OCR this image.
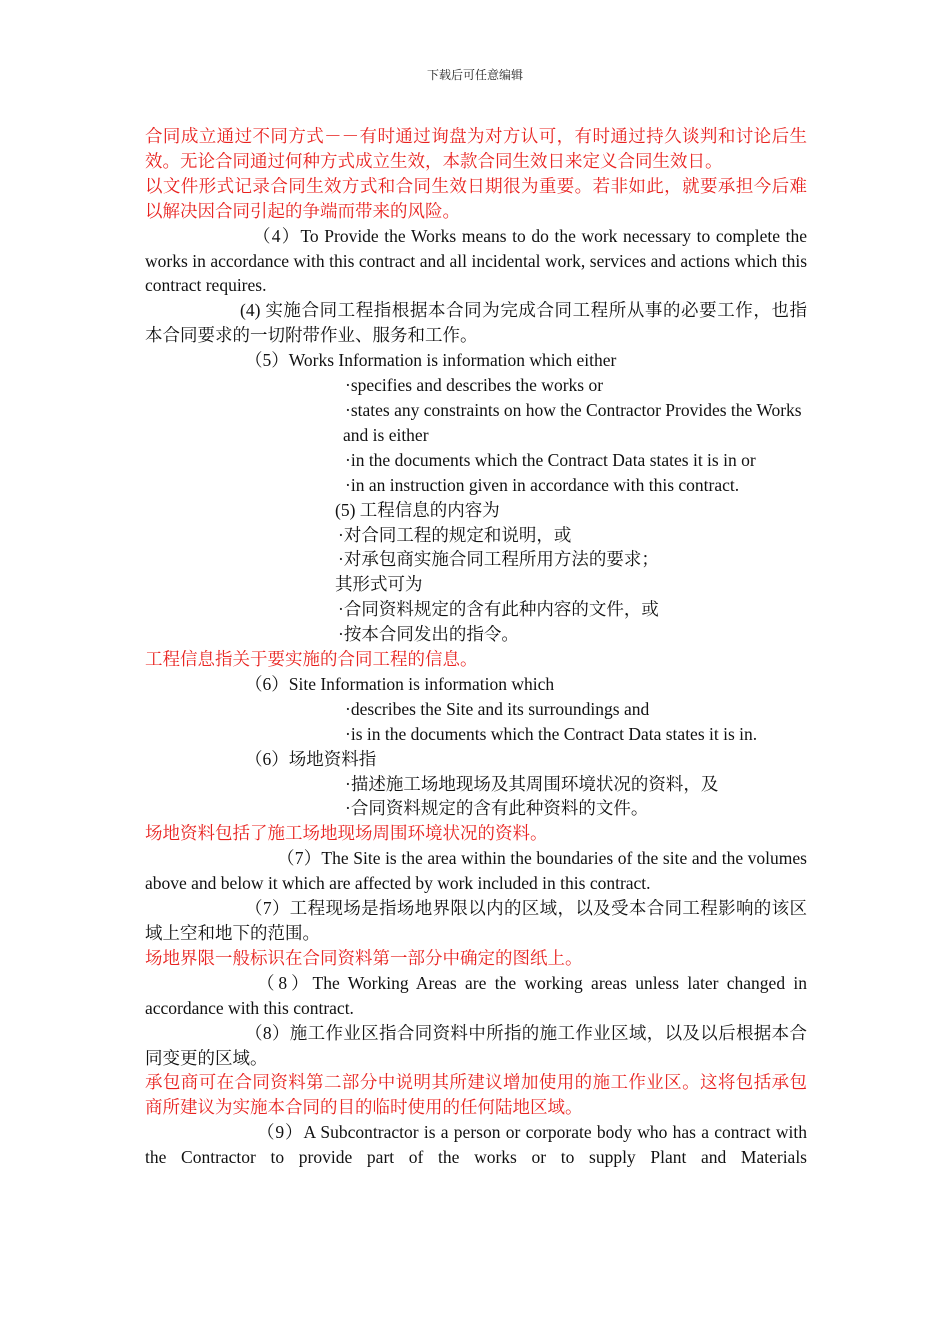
下载后可任意编辑

合同成立通过不同方式－－有时通过询盘为对方认可，有时通过持久谈判和讨论后生效。无论合同通过何种方式成立生效，本款合同生效日来定义合同生效日。

以文件形式记录合同生效方式和合同生效日期很为重要。若非如此，就要承担今后难以解决因合同引起的争端而带来的风险。

（4）To Provide the Works means to do the work necessary to complete the works in accordance with this contract and all incidental work, services and actions which this contract requires.

(4) 实施合同工程指根据本合同为完成合同工程所从事的必要工作，也指本合同要求的一切附带作业、服务和工作。

（5）Works Information is information which either

·specifies and describes the works or

·states any constraints on how the Contractor Provides the Works

and is either

·in the documents which the Contract Data states it is in or

·in an instruction given in accordance with this contract.

(5) 工程信息的内容为

·对合同工程的规定和说明，或

·对承包商实施合同工程所用方法的要求；

其形式可为

·合同资料规定的含有此种内容的文件，或

·按本合同发出的指令。

工程信息指关于要实施的合同工程的信息。

（6）Site Information is information which

·describes the Site and its surroundings and

·is in the documents which the Contract Data states it is in.

（6）场地资料指

·描述施工场地现场及其周围环境状况的资料，及

·合同资料规定的含有此种资料的文件。

场地资料包括了施工场地现场周围环境状况的资料。

（7）The Site is the area within the boundaries of the site and the volumes above and below it which are affected by work included in this contract.

（7）工程现场是指场地界限以内的区域，以及受本合同工程影响的该区域上空和地下的范围。

场地界限一般标识在合同资料第一部分中确定的图纸上。

（8）The Working Areas are the working areas unless later changed in accordance with this contract.

（8）施工作业区指合同资料中所指的施工作业区域，以及以后根据本合同变更的区域。

承包商可在合同资料第二部分中说明其所建议增加使用的施工作业区。这将包括承包商所建议为实施本合同的目的临时使用的任何陆地区域。

（9）A Subcontractor is a person or corporate body who has a contract with the Contractor to provide part of the works or to supply Plant and Materials
